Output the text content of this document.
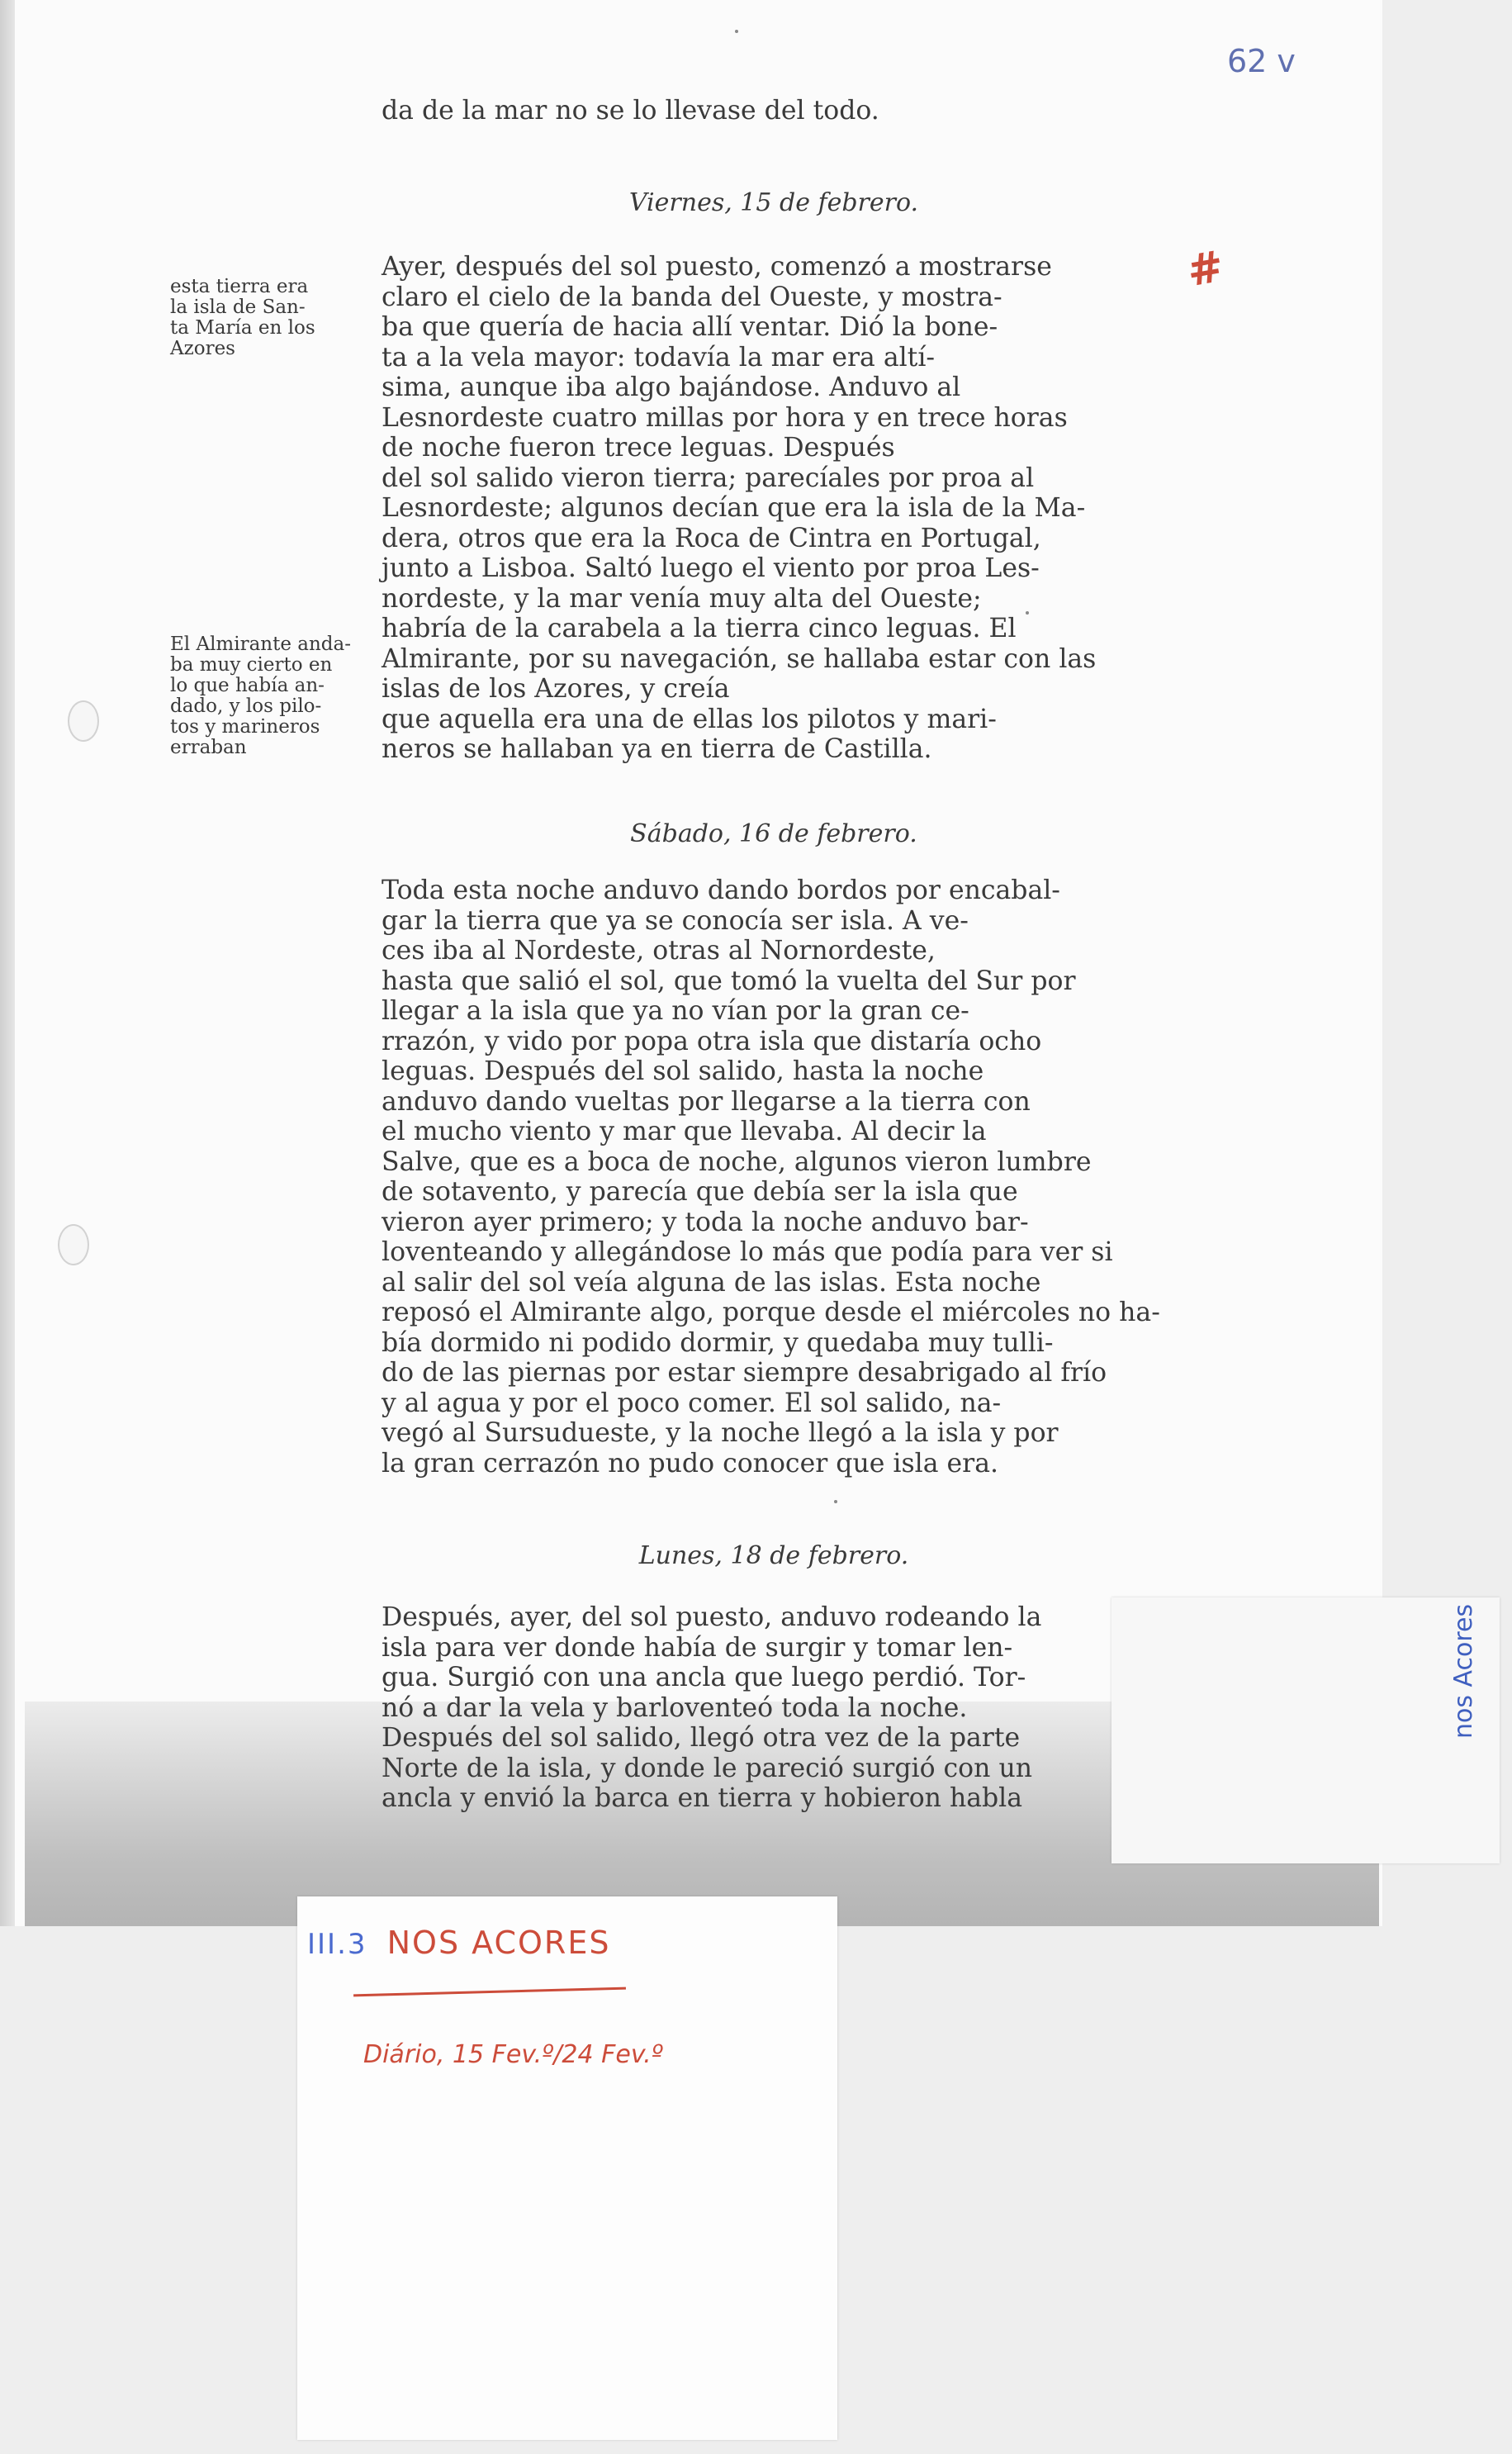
62 v
#
da de la mar no se lo llevase del todo.
Viernes, 15 de febrero.

Ayer, después del sol puesto, comenzó a mostrarse

claro el cielo de la banda del Oueste, y mostra-

ba que quería de hacia allí ventar. Dió la bone-

ta a la vela mayor: todavía la mar era altí-

sima, aunque iba algo bajándose. Anduvo al

Lesnordeste cuatro millas por hora y en trece horas

de noche fueron trece leguas. Después

del sol salido vieron tierra; parecíales por proa al

Lesnordeste; algunos decían que era la isla de la Ma-

dera, otros que era la Roca de Cintra en Portugal,

junto a Lisboa. Saltó luego el viento por proa Les-

nordeste, y la mar venía muy alta del Oueste;

habría de la carabela a la tierra cinco leguas. El

Almirante, por su navegación, se hallaba estar con las

islas de los Azores, y creía

que aquella era una de ellas los pilotos y mari-

neros se hallaban ya en tierra de Castilla.

esta tierra era
la isla de San-
ta María en los
Azores
El Almirante anda-
ba muy cierto en
lo que había an-
dado, y los pilo-
tos y marineros
erraban
Sábado, 16 de febrero.

Toda esta noche anduvo dando bordos por encabal-

gar la tierra que ya se conocía ser isla. A ve-

ces iba al Nordeste, otras al Nornordeste,

hasta que salió el sol, que tomó la vuelta del Sur por

llegar a la isla que ya no vían por la gran ce-

rrazón, y vido por popa otra isla que distaría ocho

leguas. Después del sol salido, hasta la noche

anduvo dando vueltas por llegarse a la tierra con

el mucho viento y mar que llevaba. Al decir la

Salve, que es a boca de noche, algunos vieron lumbre

de sotavento, y parecía que debía ser la isla que

vieron ayer primero; y toda la noche anduvo bar-

loventeando y allegándose lo más que podía para ver si

al salir del sol veía alguna de las islas. Esta noche

reposó el Almirante algo, porque desde el miércoles no ha-

bía dormido ni podido dormir, y quedaba muy tulli-

do de las piernas por estar siempre desabrigado al frío

y al agua y por el poco comer. El sol salido, na-

vegó al Sursudueste, y la noche llegó a la isla y por

la gran cerrazón no pudo conocer que isla era.

Lunes, 18 de febrero.

Después, ayer, del sol puesto, anduvo rodeando la

isla para ver donde había de surgir y tomar len-

gua. Surgió con una ancla que luego perdió. Tor-

nó a dar la vela y barloventeó toda la noche.

Después del sol salido, llegó otra vez de la parte

Norte de la isla, y donde le pareció surgió con un

ancla y envió la barca en tierra y hobieron habla

nos Acores
III.3 NOS ACORES
Diário, 15 Fev.º/24 Fev.º
